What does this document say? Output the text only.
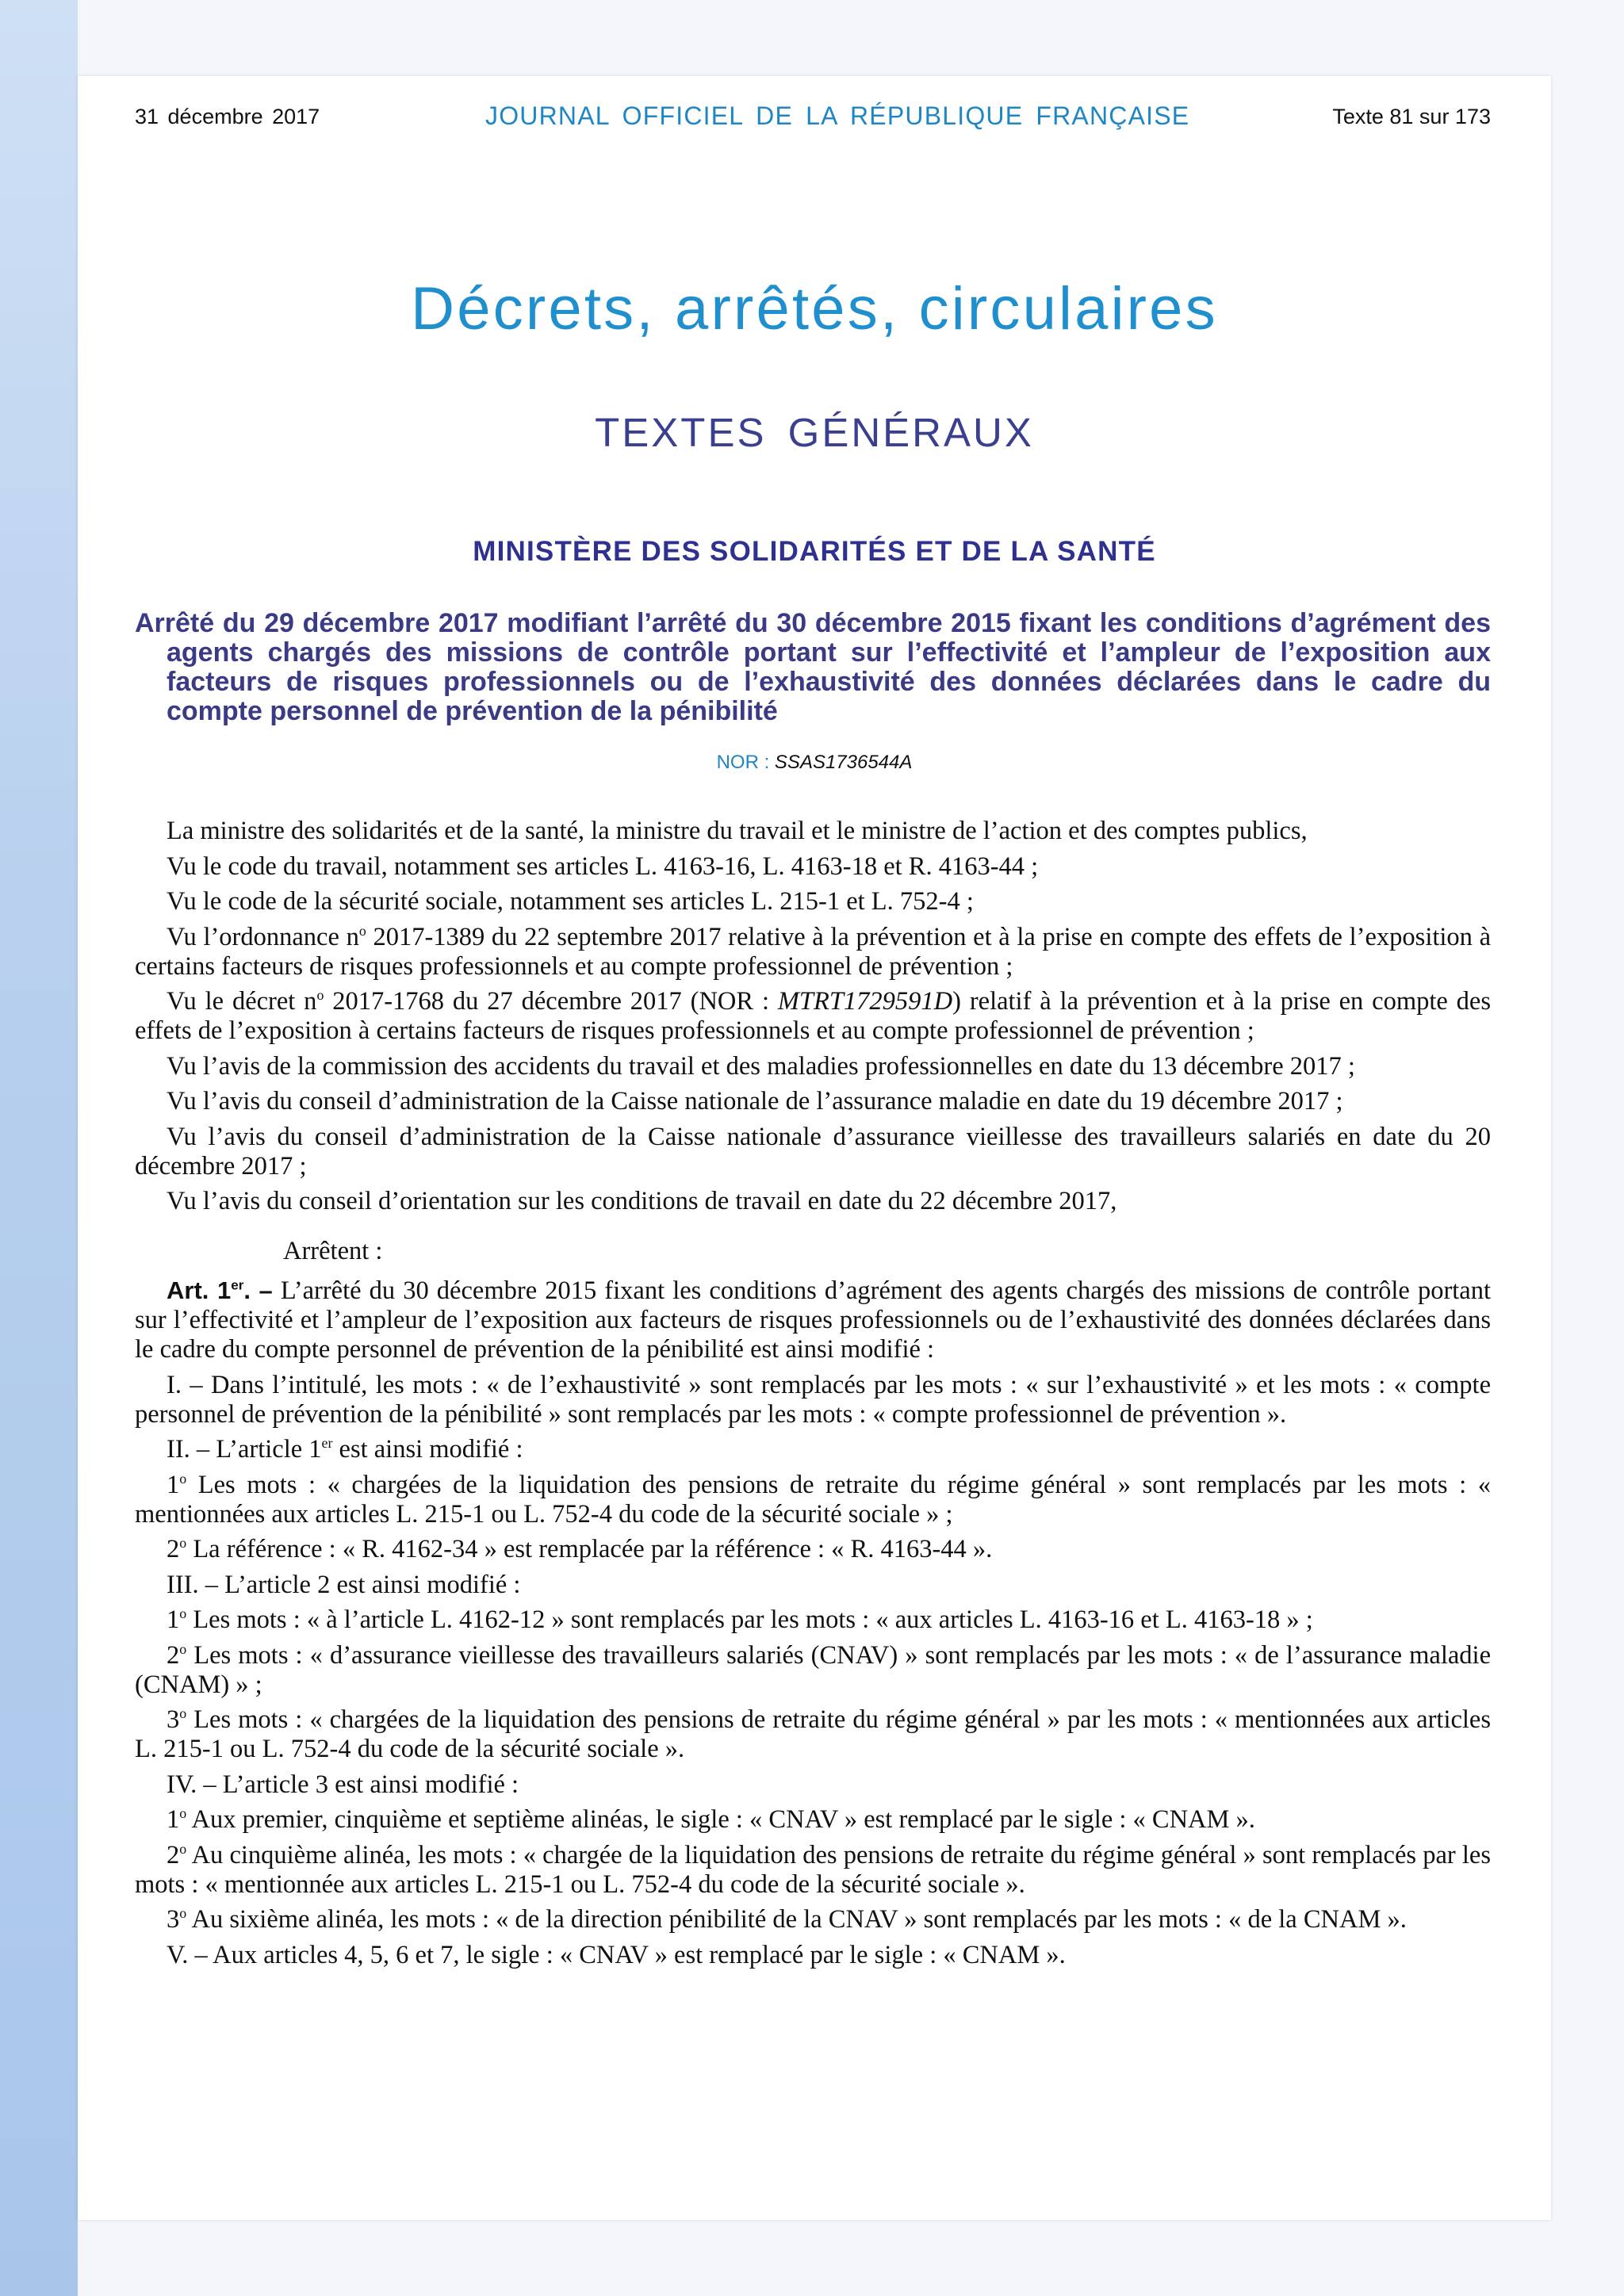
31 décembre 2017	JOURNAL OFFICIEL DE LA RÉPUBLIQUE FRANÇAISE	Texte 81 sur 173
Décrets, arrêtés, circulaires
TEXTES GÉNÉRAUX
MINISTÈRE DES SOLIDARITÉS ET DE LA SANTÉ
Arrêté du 29 décembre 2017 modifiant l’arrêté du 30 décembre 2015 fixant les conditions d’agrément des agents chargés des missions de contrôle portant sur l’effectivité et l’ampleur de l’exposition aux facteurs de risques professionnels ou de l’exhaustivité des données déclarées dans le cadre du compte personnel de prévention de la pénibilité
NOR : SSAS1736544A

La ministre des solidarités et de la santé, la ministre du travail et le ministre de l’action et des comptes publics,

Vu le code du travail, notamment ses articles L. 4163-16, L. 4163-18 et R. 4163-44 ;

Vu le code de la sécurité sociale, notamment ses articles L. 215-1 et L. 752-4 ;

Vu l’ordonnance $n^o$ 2017-1389 du 22 septembre 2017 relative à la prévention et à la prise en compte des effets de l’exposition à certains facteurs de risques professionnels et au compte professionnel de prévention ;

Vu le décret $n^o$ 2017-1768 du 27 décembre 2017 (NOR : MTRT1729591D) relatif à la prévention et à la prise en compte des effets de l’exposition à certains facteurs de risques professionnels et au compte professionnel de prévention ;

Vu l’avis de la commission des accidents du travail et des maladies professionnelles en date du 13 décembre 2017 ;

Vu l’avis du conseil d’administration de la Caisse nationale de l’assurance maladie en date du 19 décembre 2017 ;

Vu l’avis du conseil d’administration de la Caisse nationale d’assurance vieillesse des travailleurs salariés en date du 20 décembre 2017 ;

Vu l’avis du conseil d’orientation sur les conditions de travail en date du 22 décembre 2017,

Arrêtent :

Art. 1er. – L’arrêté du 30 décembre 2015 fixant les conditions d’agrément des agents chargés des missions de contrôle portant sur l’effectivité et l’ampleur de l’exposition aux facteurs de risques professionnels ou de l’exhaustivité des données déclarées dans le cadre du compte personnel de prévention de la pénibilité est ainsi modifié :

I. – Dans l’intitulé, les mots : « de l’exhaustivité » sont remplacés par les mots : « sur l’exhaustivité » et les mots : « compte personnel de prévention de la pénibilité » sont remplacés par les mots : « compte professionnel de prévention ».

II. – L’article 1er est ainsi modifié :

1$^o$ Les mots : « chargées de la liquidation des pensions de retraite du régime général » sont remplacés par les mots : « mentionnées aux articles L. 215-1 ou L. 752-4 du code de la sécurité sociale » ;

2$^o$ La référence : « R. 4162-34 » est remplacée par la référence : « R. 4163-44 ».

III. – L’article 2 est ainsi modifié :

1$^o$ Les mots : « à l’article L. 4162-12 » sont remplacés par les mots : « aux articles L. 4163-16 et L. 4163-18 » ;

2$^o$ Les mots : « d’assurance vieillesse des travailleurs salariés (CNAV) » sont remplacés par les mots : « de l’assurance maladie (CNAM) » ;

3$^o$ Les mots : « chargées de la liquidation des pensions de retraite du régime général » par les mots : « mentionnées aux articles L. 215-1 ou L. 752-4 du code de la sécurité sociale ».

IV. – L’article 3 est ainsi modifié :

1$^o$ Aux premier, cinquième et septième alinéas, le sigle : « CNAV » est remplacé par le sigle : « CNAM ».

2$^o$ Au cinquième alinéa, les mots : « chargée de la liquidation des pensions de retraite du régime général » sont remplacés par les mots : « mentionnée aux articles L. 215-1 ou L. 752-4 du code de la sécurité sociale ».

3$^o$ Au sixième alinéa, les mots : « de la direction pénibilité de la CNAV » sont remplacés par les mots : « de la CNAM ».

V. – Aux articles 4, 5, 6 et 7, le sigle : « CNAV » est remplacé par le sigle : « CNAM ».
